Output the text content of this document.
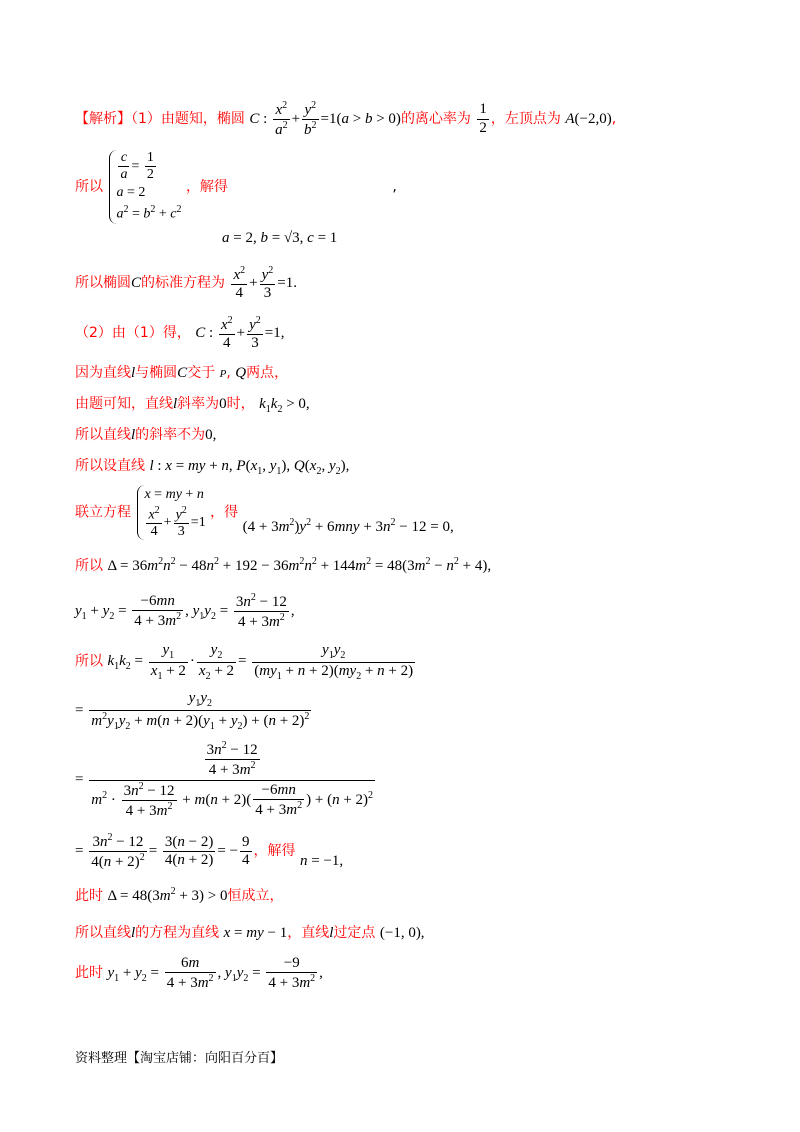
【解析】（1）由题知，椭圆 C : $\frac{x^2}{a^2} + \frac{y^2}{b^2} =1(a > b > 0)$的离心率为 $\frac{1}{2}$ ，左顶点为 A(−2,0),
所以
$\frac{c}{a} = \frac{1}{2}$
a = 2
$a^2 = b^2 + c^2$
，解得	,
a = 2, b = √3, c = 1
所以椭圆C的标准方程为 $\frac{x^2}{4} + \frac{y^2}{3} =1$.
（2）由（1）得， C : $\frac{x^2}{4} + \frac{y^2}{3} =1$,
因为直线l与椭圆C交于 P, Q两点，
由题可知，直线l斜率为0时， $k_1k_2 > 0$,
所以直线l的斜率不为0,
所以设直线 l : x = my + n, $P(x_1$, $y_1$), $Q(x_2$, $y_2$),
联立方程
x = my + n
$\frac{x^2}{4} + \frac{y^2}{3} =1$
，得 $(4 + 3m^2)y^2 + 6mny + 3n^2 - 12 = 0$,
所以 $\Delta = 36m^2n^2 - 48n^2 + 192 - 36m^2n^2 + 144m^2 = 48(3m^2 - n^2 + 4)$,
$y_1 + y_2 = \frac{-6mn}{4 + 3m^2}$ , $y_1y_2 = \frac{3n^2 - 12}{4 + 3m^2}$ ,
所以 $k_1k_2 = \frac{y_1}{x_1 + 2} \cdot \frac{y_2}{x_2 + 2} = \frac{y_1y_2}{(my_1 + n + 2)(my_2 + n + 2)}$
= $\frac{y_1y_2}{m^2y_1y_2 + m(n + 2)(y_1 + y_2) + (n + 2)^2}$
= $\frac{\frac{3n^2 - 12}{4 + 3m^2}}{m^2 \cdot \frac{3n^2 - 12}{4 + 3m^2} + m(n + 2)( \frac{-6mn}{4 + 3m^2} ) + (n + 2)^2}$
= $\frac{3n^2 - 12}{4(n + 2)^2} = \frac{3(n - 2)}{4(n + 2)}$ = − $\frac{9}{4}$ ，解得 n = −1,
此时 $\Delta = 48(3m^2 + 3) > 0$恒成立，
所以直线l的方程为直线 x = my − 1，直线l过定点 (−1, 0),
此时 $y_1 + y_2 = \frac{6m}{4 + 3m^2}$ , $y_1y_2 = \frac{-9}{4 + 3m^2}$ ,
资料整理【淘宝店铺：向阳百分百】
